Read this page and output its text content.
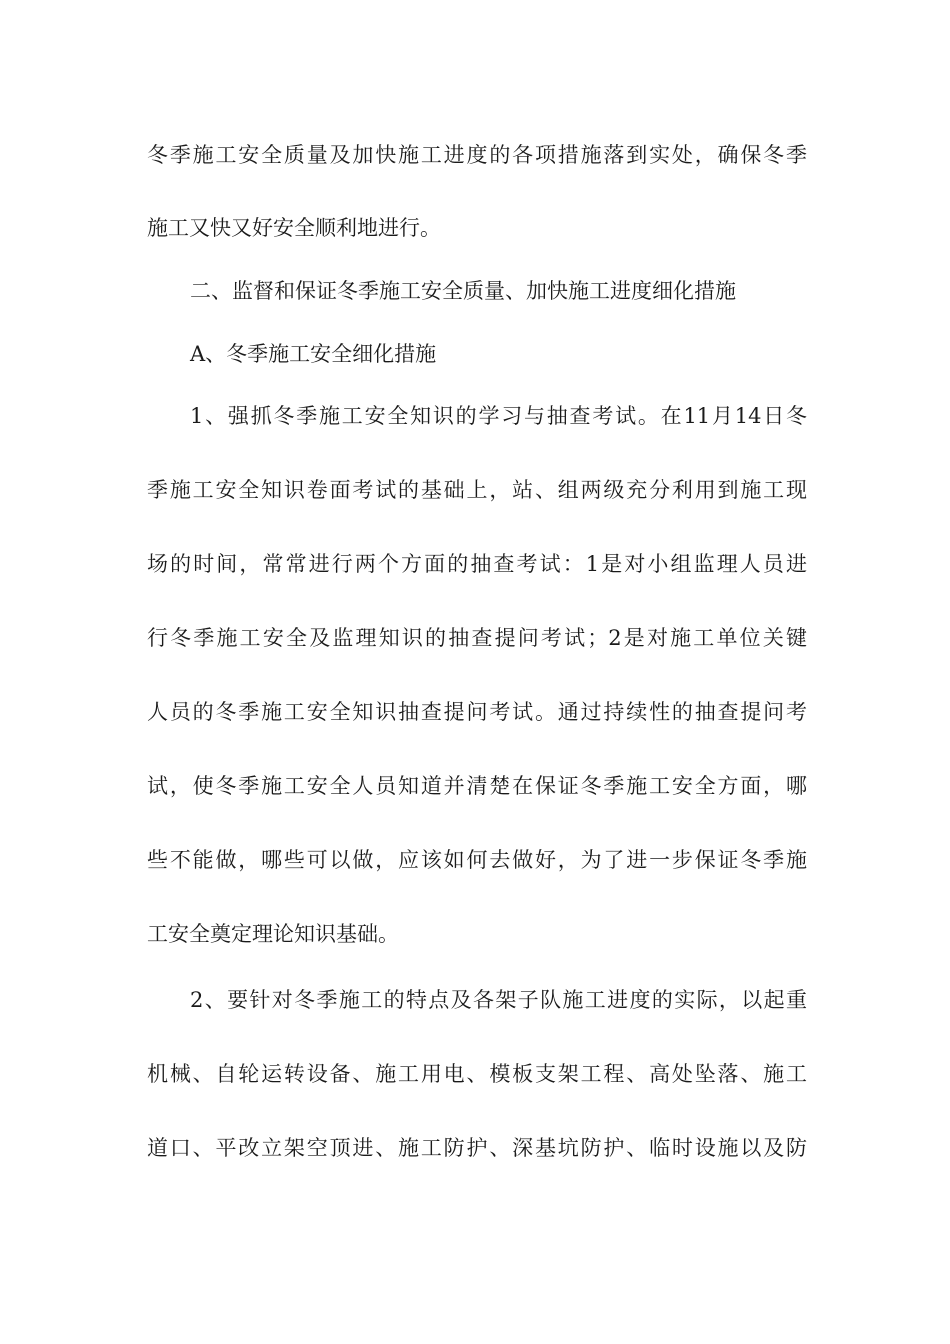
冬季施工安全质量及加快施工进度的各项措施落到实处，确保冬季
施工又快又好安全顺利地进行。
二、监督和保证冬季施工安全质量、加快施工进度细化措施
A、冬季施工安全细化措施
1、强抓冬季施工安全知识的学习与抽查考试。在11月14日冬
季施工安全知识卷面考试的基础上，站、组两级充分利用到施工现
场的时间，常常进行两个方面的抽查考试：1是对小组监理人员进
行冬季施工安全及监理知识的抽查提问考试；2是对施工单位关键
人员的冬季施工安全知识抽查提问考试。通过持续性的抽查提问考
试，使冬季施工安全人员知道并清楚在保证冬季施工安全方面，哪
些不能做，哪些可以做，应该如何去做好，为了进一步保证冬季施
工安全奠定理论知识基础。
2、要针对冬季施工的特点及各架子队施工进度的实际，以起重
机械、自轮运转设备、施工用电、模板支架工程、高处坠落、施工
道口、平改立架空顶进、施工防护、深基坑防护、临时设施以及防
